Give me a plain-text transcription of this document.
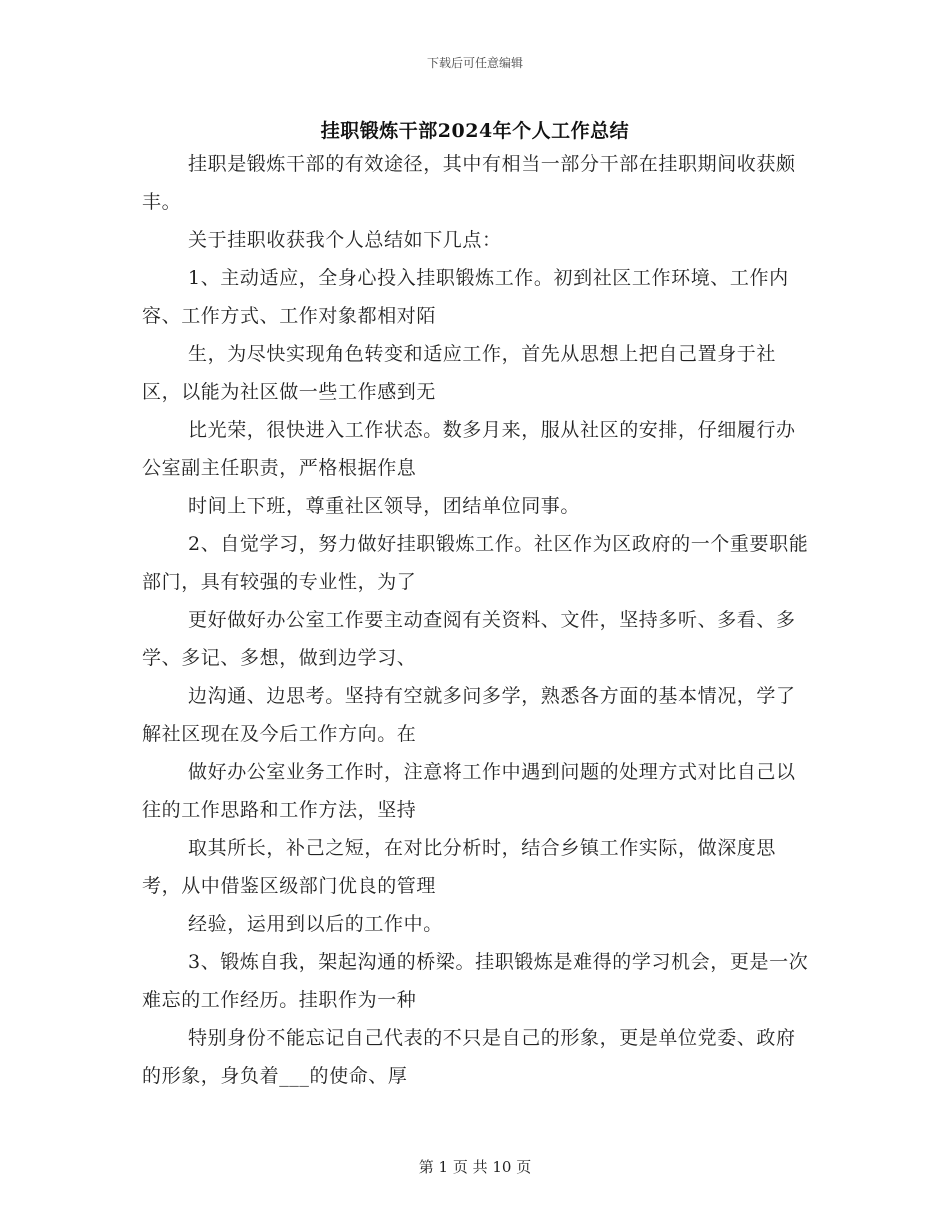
下载后可任意编辑
挂职锻炼干部2024年个人工作总结

挂职是锻炼干部的有效途径，其中有相当一部分干部在挂职期间收获颇丰。

关于挂职收获我个人总结如下几点：

1、主动适应，全身心投入挂职锻炼工作。初到社区工作环境、工作内容、工作方式、工作对象都相对陌

生，为尽快实现角色转变和适应工作，首先从思想上把自己置身于社区，以能为社区做一些工作感到无

比光荣，很快进入工作状态。数多月来，服从社区的安排，仔细履行办公室副主任职责，严格根据作息

时间上下班，尊重社区领导，团结单位同事。

2、自觉学习，努力做好挂职锻炼工作。社区作为区政府的一个重要职能部门，具有较强的专业性，为了

更好做好办公室工作要主动查阅有关资料、文件，坚持多听、多看、多学、多记、多想，做到边学习、

边沟通、边思考。坚持有空就多问多学，熟悉各方面的基本情况，学了解社区现在及今后工作方向。在

做好办公室业务工作时，注意将工作中遇到问题的处理方式对比自己以往的工作思路和工作方法，坚持

取其所长，补己之短，在对比分析时，结合乡镇工作实际，做深度思考，从中借鉴区级部门优良的管理

经验，运用到以后的工作中。

3、锻炼自我，架起沟通的桥梁。挂职锻炼是难得的学习机会，更是一次难忘的工作经历。挂职作为一种

特别身份不能忘记自己代表的不只是自己的形象，更是单位党委、政府的形象，身负着___的使命、厚

第 1 页 共 10 页
